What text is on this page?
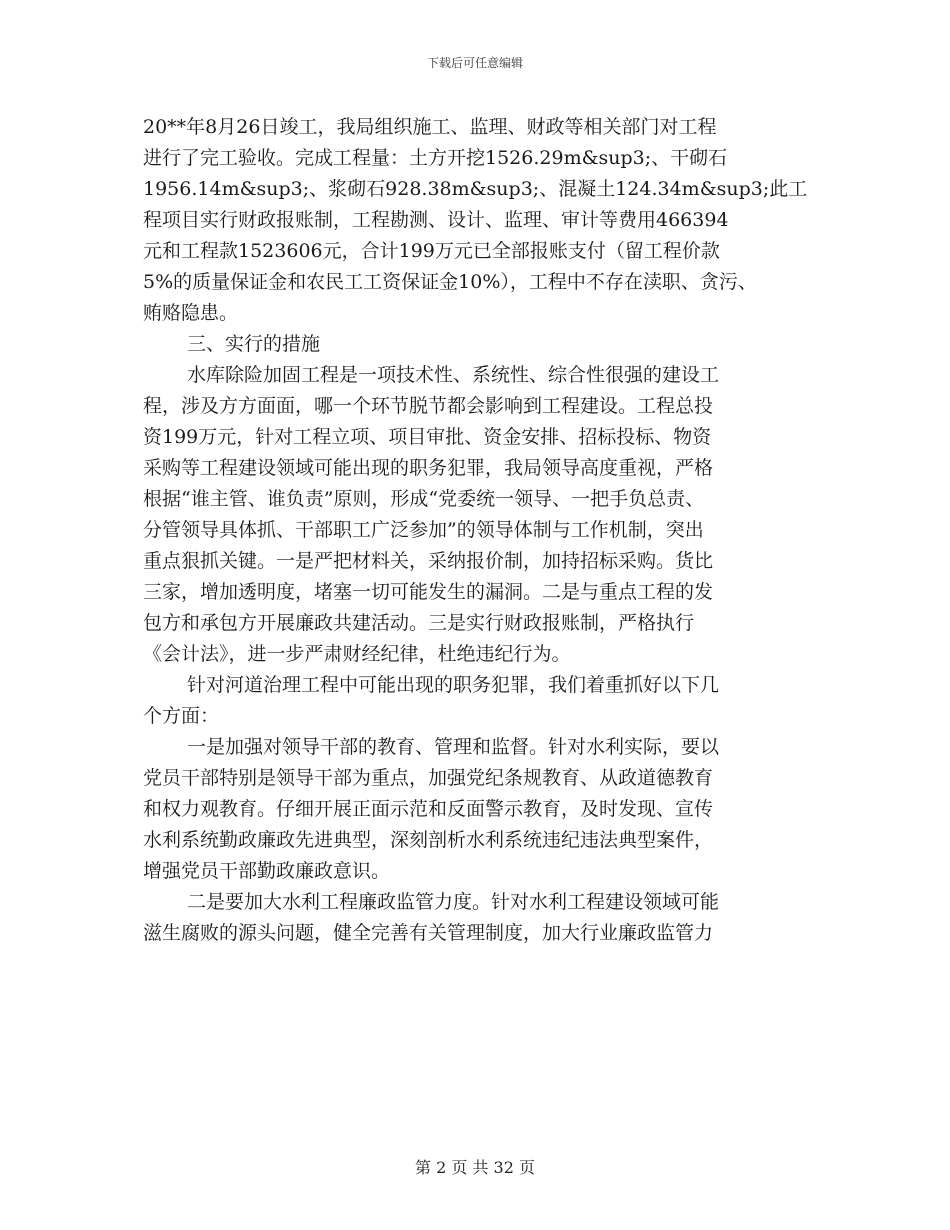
下载后可任意编辑
20**年8月26日竣工，我局组织施工、监理、财政等相关部门对工程
进行了完工验收。完成工程量：土方开挖1526.29m&sup3;、干砌石
1956.14m&sup3;、浆砌石928.38m&sup3;、混凝土124.34m&sup3;此工
程项目实行财政报账制，工程勘测、设计、监理、审计等费用466394
元和工程款1523606元，合计199万元已全部报账支付（留工程价款
5%的质量保证金和农民工工资保证金10%），工程中不存在渎职、贪污、
贿赂隐患。
三、实行的措施
水库除险加固工程是一项技术性、系统性、综合性很强的建设工
程，涉及方方面面，哪一个环节脱节都会影响到工程建设。工程总投
资199万元，针对工程立项、项目审批、资金安排、招标投标、物资
采购等工程建设领域可能出现的职务犯罪，我局领导高度重视，严格
根据“谁主管、谁负责”原则，形成“党委统一领导、一把手负总责、
分管领导具体抓、干部职工广泛参加”的领导体制与工作机制，突出
重点狠抓关键。一是严把材料关，采纳报价制，加持招标采购。货比
三家，增加透明度，堵塞一切可能发生的漏洞。二是与重点工程的发
包方和承包方开展廉政共建活动。三是实行财政报账制，严格执行
《会计法》，进一步严肃财经纪律，杜绝违纪行为。
针对河道治理工程中可能出现的职务犯罪，我们着重抓好以下几
个方面：
一是加强对领导干部的教育、管理和监督。针对水利实际，要以
党员干部特别是领导干部为重点，加强党纪条规教育、从政道德教育
和权力观教育。仔细开展正面示范和反面警示教育，及时发现、宣传
水利系统勤政廉政先进典型，深刻剖析水利系统违纪违法典型案件，
增强党员干部勤政廉政意识。
二是要加大水利工程廉政监管力度。针对水利工程建设领域可能
滋生腐败的源头问题，健全完善有关管理制度，加大行业廉政监管力
第 2 页 共 32 页
